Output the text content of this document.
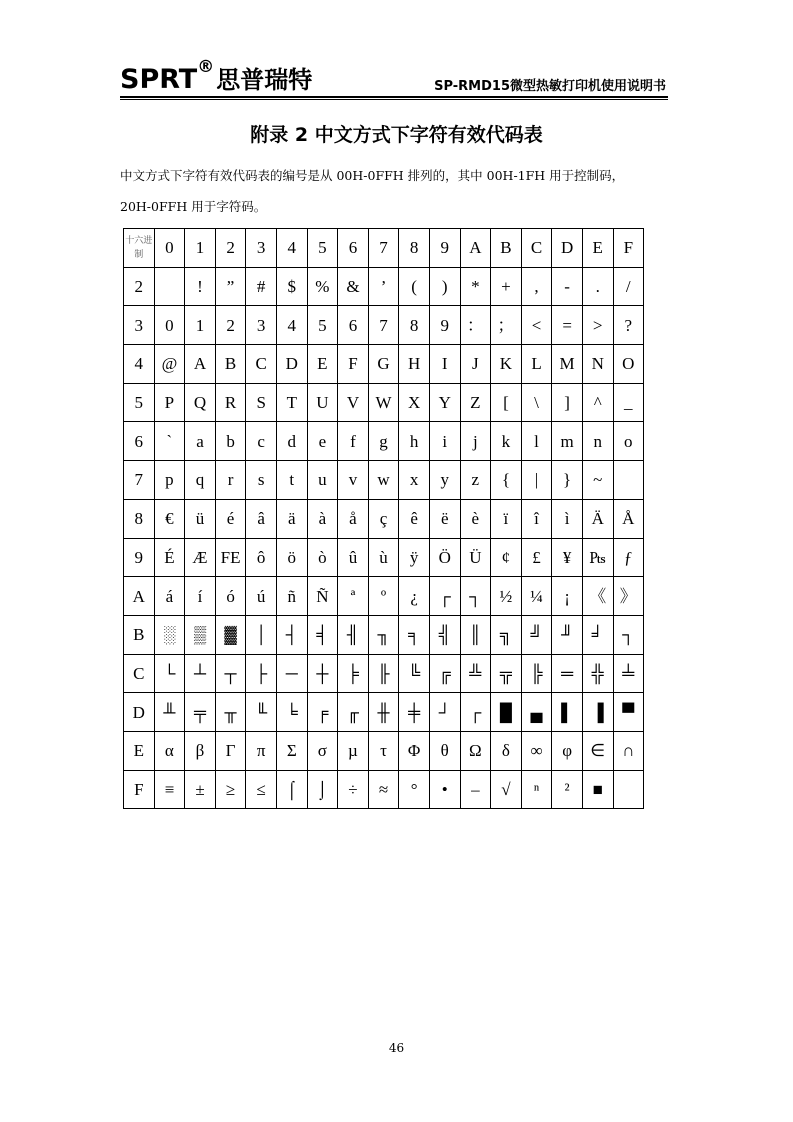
SPRT®思普瑞特	SP-RMD15微型热敏打印机使用说明书
附录 2 中文方式下字符有效代码表
中文方式下字符有效代码表的编号是从 00H-0FFH 排列的，其中 00H-1FH 用于控制码，
20H-0FFH 用于字符码。
十六进制	0	1	2	3	4	5	6	7	8	9	A	B	C	D	E	F
2		!	”	#	$	%	&	’	(	)	*	+	,	-	.	/
3	0	1	2	3	4	5	6	7	8	9	：	；	<	=	>	?
4	@	A	B	C	D	E	F	G	H	I	J	K	L	M	N	O
5	P	Q	R	S	T	U	V	W	X	Y	Z	[	\	]	^	_
6	`	a	b	c	d	e	f	g	h	i	j	k	l	m	n	o
7	p	q	r	s	t	u	v	w	x	y	z	{	|	}	~	
8	€	ü	é	â	ä	à	å	ç	ê	ë	è	ï	î	ì	Ä	Å
9	É	Æ	FE	ô	ö	ò	û	ù	ÿ	Ö	Ü	¢	£	¥	₧	ƒ
A	á	í	ó	ú	ñ	Ñ	ª	º	¿	┌	┐	½	¼	¡	《	》
B	░	▒	▓	│	┤	╡	╢	╖	╕	╣	║	╗	╝	╜	╛	┐
C	└	┴	┬	├	─	┼	╞	╟	╚	╔	╩	╦	╠	═	╬	╧
D	╨	╤	╥	╙	╘	╒	╓	╫	╪	┘	┌	█	▄	▌	▐	▀
E	α	β	Γ	π	Σ	σ	µ	τ	Φ	θ	Ω	δ	∞	φ	∈	∩
F	≡	±	≥	≤	⌠	⌡	÷	≈	°	•	–	√	ⁿ	²	■	
46
